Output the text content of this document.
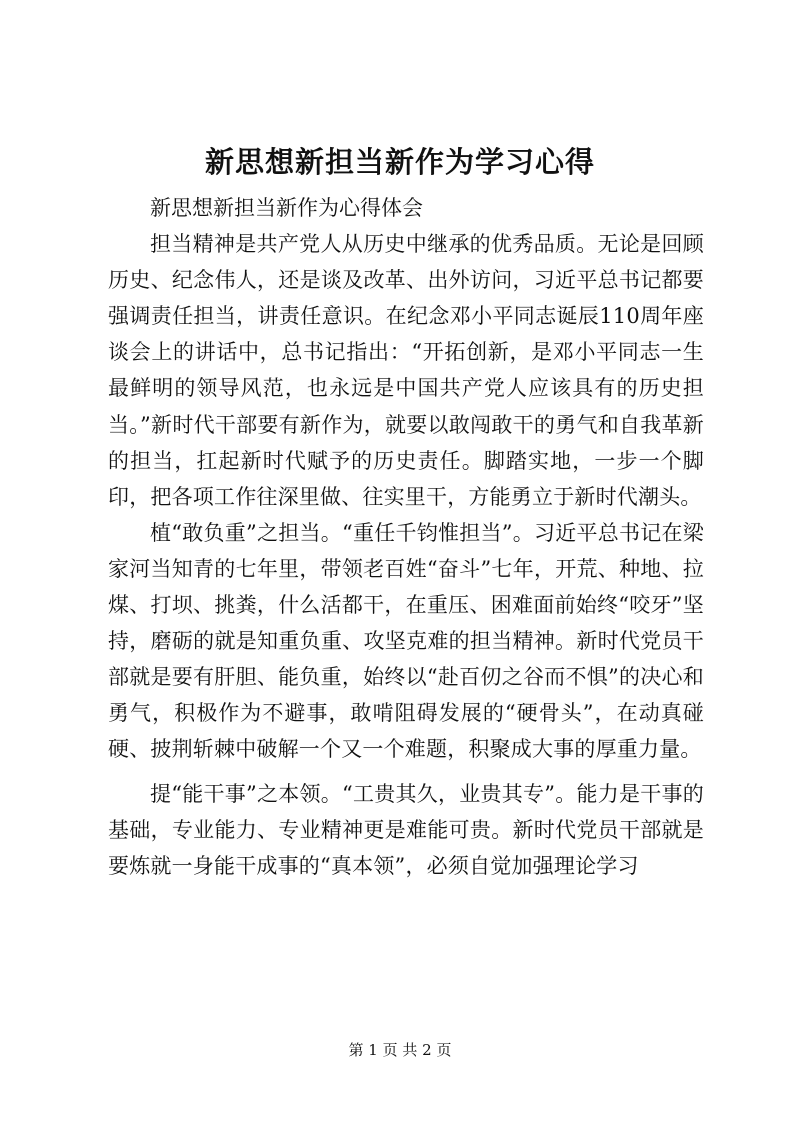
新思想新担当新作为学习心得

新思想新担当新作为心得体会

担当精神是共产党人从历史中继承的优秀品质。无论是回顾历史、纪念伟人，还是谈及改革、出外访问，习近平总书记都要强调责任担当，讲责任意识。在纪念邓小平同志诞辰110周年座谈会上的讲话中，总书记指出：“开拓创新，是邓小平同志一生最鲜明的领导风范，也永远是中国共产党人应该具有的历史担当。”新时代干部要有新作为，就要以敢闯敢干的勇气和自我革新的担当，扛起新时代赋予的历史责任。脚踏实地，一步一个脚印，把各项工作往深里做、往实里干，方能勇立于新时代潮头。

植“敢负重”之担当。“重任千钧惟担当”。习近平总书记在梁家河当知青的七年里，带领老百姓“奋斗”七年，开荒、种地、拉煤、打坝、挑粪，什么活都干，在重压、困难面前始终“咬牙”坚持，磨砺的就是知重负重、攻坚克难的担当精神。新时代党员干部就是要有肝胆、能负重，始终以“赴百仞之谷而不惧”的决心和勇气，积极作为不避事，敢啃阻碍发展的“硬骨头”，在动真碰硬、披荆斩棘中破解一个又一个难题，积聚成大事的厚重力量。

提“能干事”之本领。“工贵其久，业贵其专”。能力是干事的基础，专业能力、专业精神更是难能可贵。新时代党员干部就是要炼就一身能干成事的“真本领”，必须自觉加强理论学习

第 1 页 共 2 页
